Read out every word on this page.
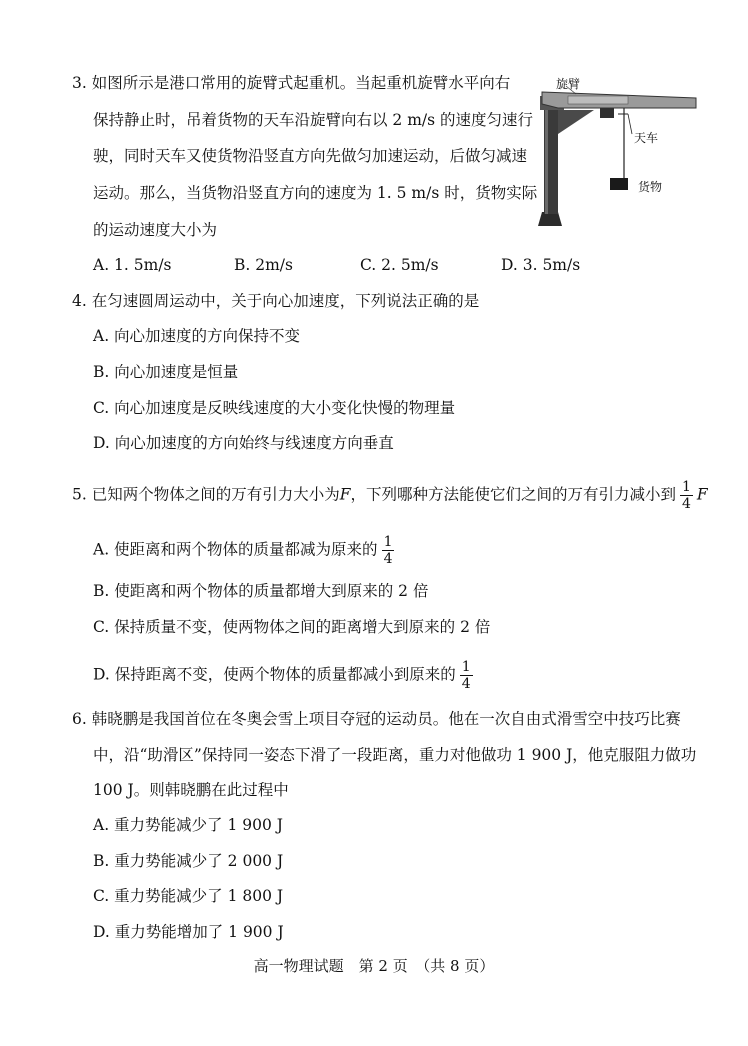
3. 如图所示是港口常用的旋臂式起重机。当起重机旋臂水平向右
保持静止时，吊着货物的天车沿旋臂向右以 2 m/s 的速度匀速行
驶，同时天车又使货物沿竖直方向先做匀加速运动，后做匀减速
运动。那么，当货物沿竖直方向的速度为 1. 5 m/s 时，货物实际
的运动速度大小为
旋臂
天车
货物
A. 1. 5m/s	B. 2m/s	C. 2. 5m/s	D. 3. 5m/s
4. 在匀速圆周运动中，关于向心加速度，下列说法正确的是
A. 向心加速度的方向保持不变
B. 向心加速度是恒量
C. 向心加速度是反映线速度的大小变化快慢的物理量
D. 向心加速度的方向始终与线速度方向垂直
5. 已知两个物体之间的万有引力大小为F，下列哪种方法能使它们之间的万有引力减小到 $\frac{1}{4}$ F
A. 使距离和两个物体的质量都减为原来的 $\frac{1}{4}$
B. 使距离和两个物体的质量都增大到原来的 2 倍
C. 保持质量不变，使两物体之间的距离增大到原来的 2 倍
D. 保持距离不变，使两个物体的质量都减小到原来的 $\frac{1}{4}$
6. 韩晓鹏是我国首位在冬奥会雪上项目夺冠的运动员。他在一次自由式滑雪空中技巧比赛
中，沿“助滑区”保持同一姿态下滑了一段距离，重力对他做功 1 900 J，他克服阻力做功
100 J。则韩晓鹏在此过程中
A. 重力势能减少了 1 900 J
B. 重力势能减少了 2 000 J
C. 重力势能减少了 1 800 J
D. 重力势能增加了 1 900 J
高一物理试题　第 2 页　（共 8 页）
